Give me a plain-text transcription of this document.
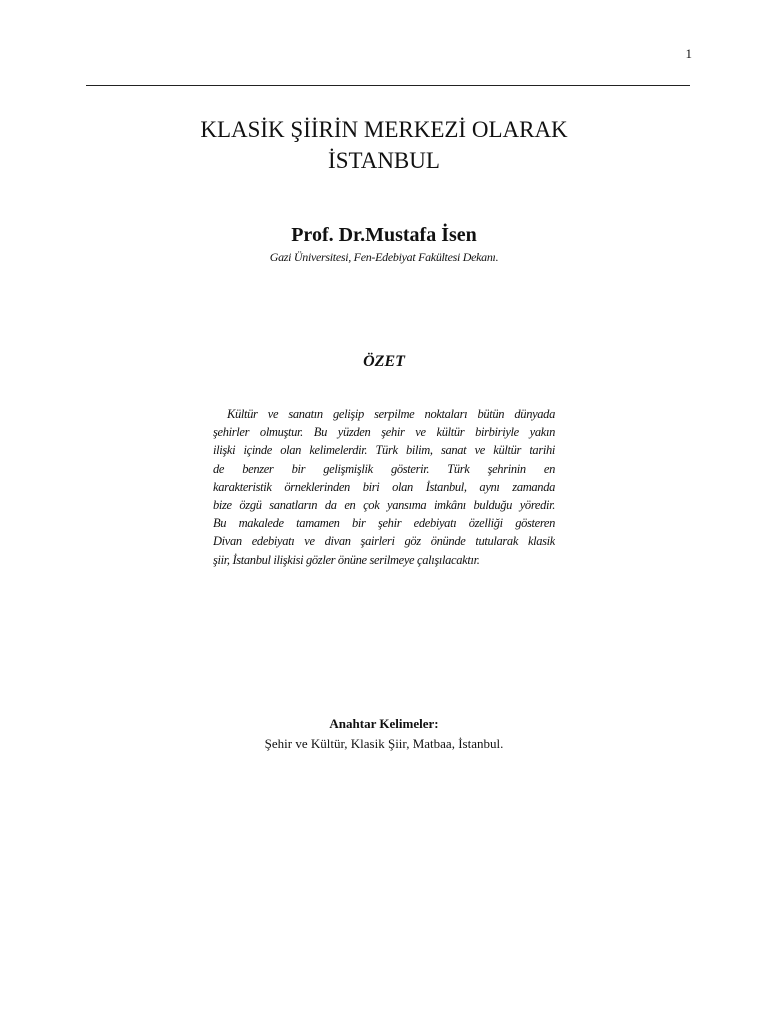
1
KLASİK ŞİİRİN MERKEZİ OLARAK
İSTANBUL
Prof. Dr.Mustafa İsen
Gazi Üniversitesi, Fen-Edebiyat Fakültesi Dekanı.
ÖZET
Kültür ve sanatın gelişip serpilme noktaları bütün dünyada
şehirler olmuştur. Bu yüzden şehir ve kültür birbiriyle yakın
ilişki içinde olan kelimelerdir. Türk bilim, sanat ve kültür tarihi
de benzer bir gelişmişlik gösterir. Türk şehrinin en
karakteristik örneklerinden biri olan İstanbul, aynı zamanda
bize özgü sanatların da en çok yansıma imkânı bulduğu yöredir.
Bu makalede tamamen bir şehir edebiyatı özelliği gösteren
Divan edebiyatı ve divan şairleri göz önünde tutularak klasik
şiir, İstanbul ilişkisi gözler önüne serilmeye çalışılacaktır.
Anahtar Kelimeler:
Şehir ve Kültür, Klasik Şiir, Matbaa, İstanbul.
